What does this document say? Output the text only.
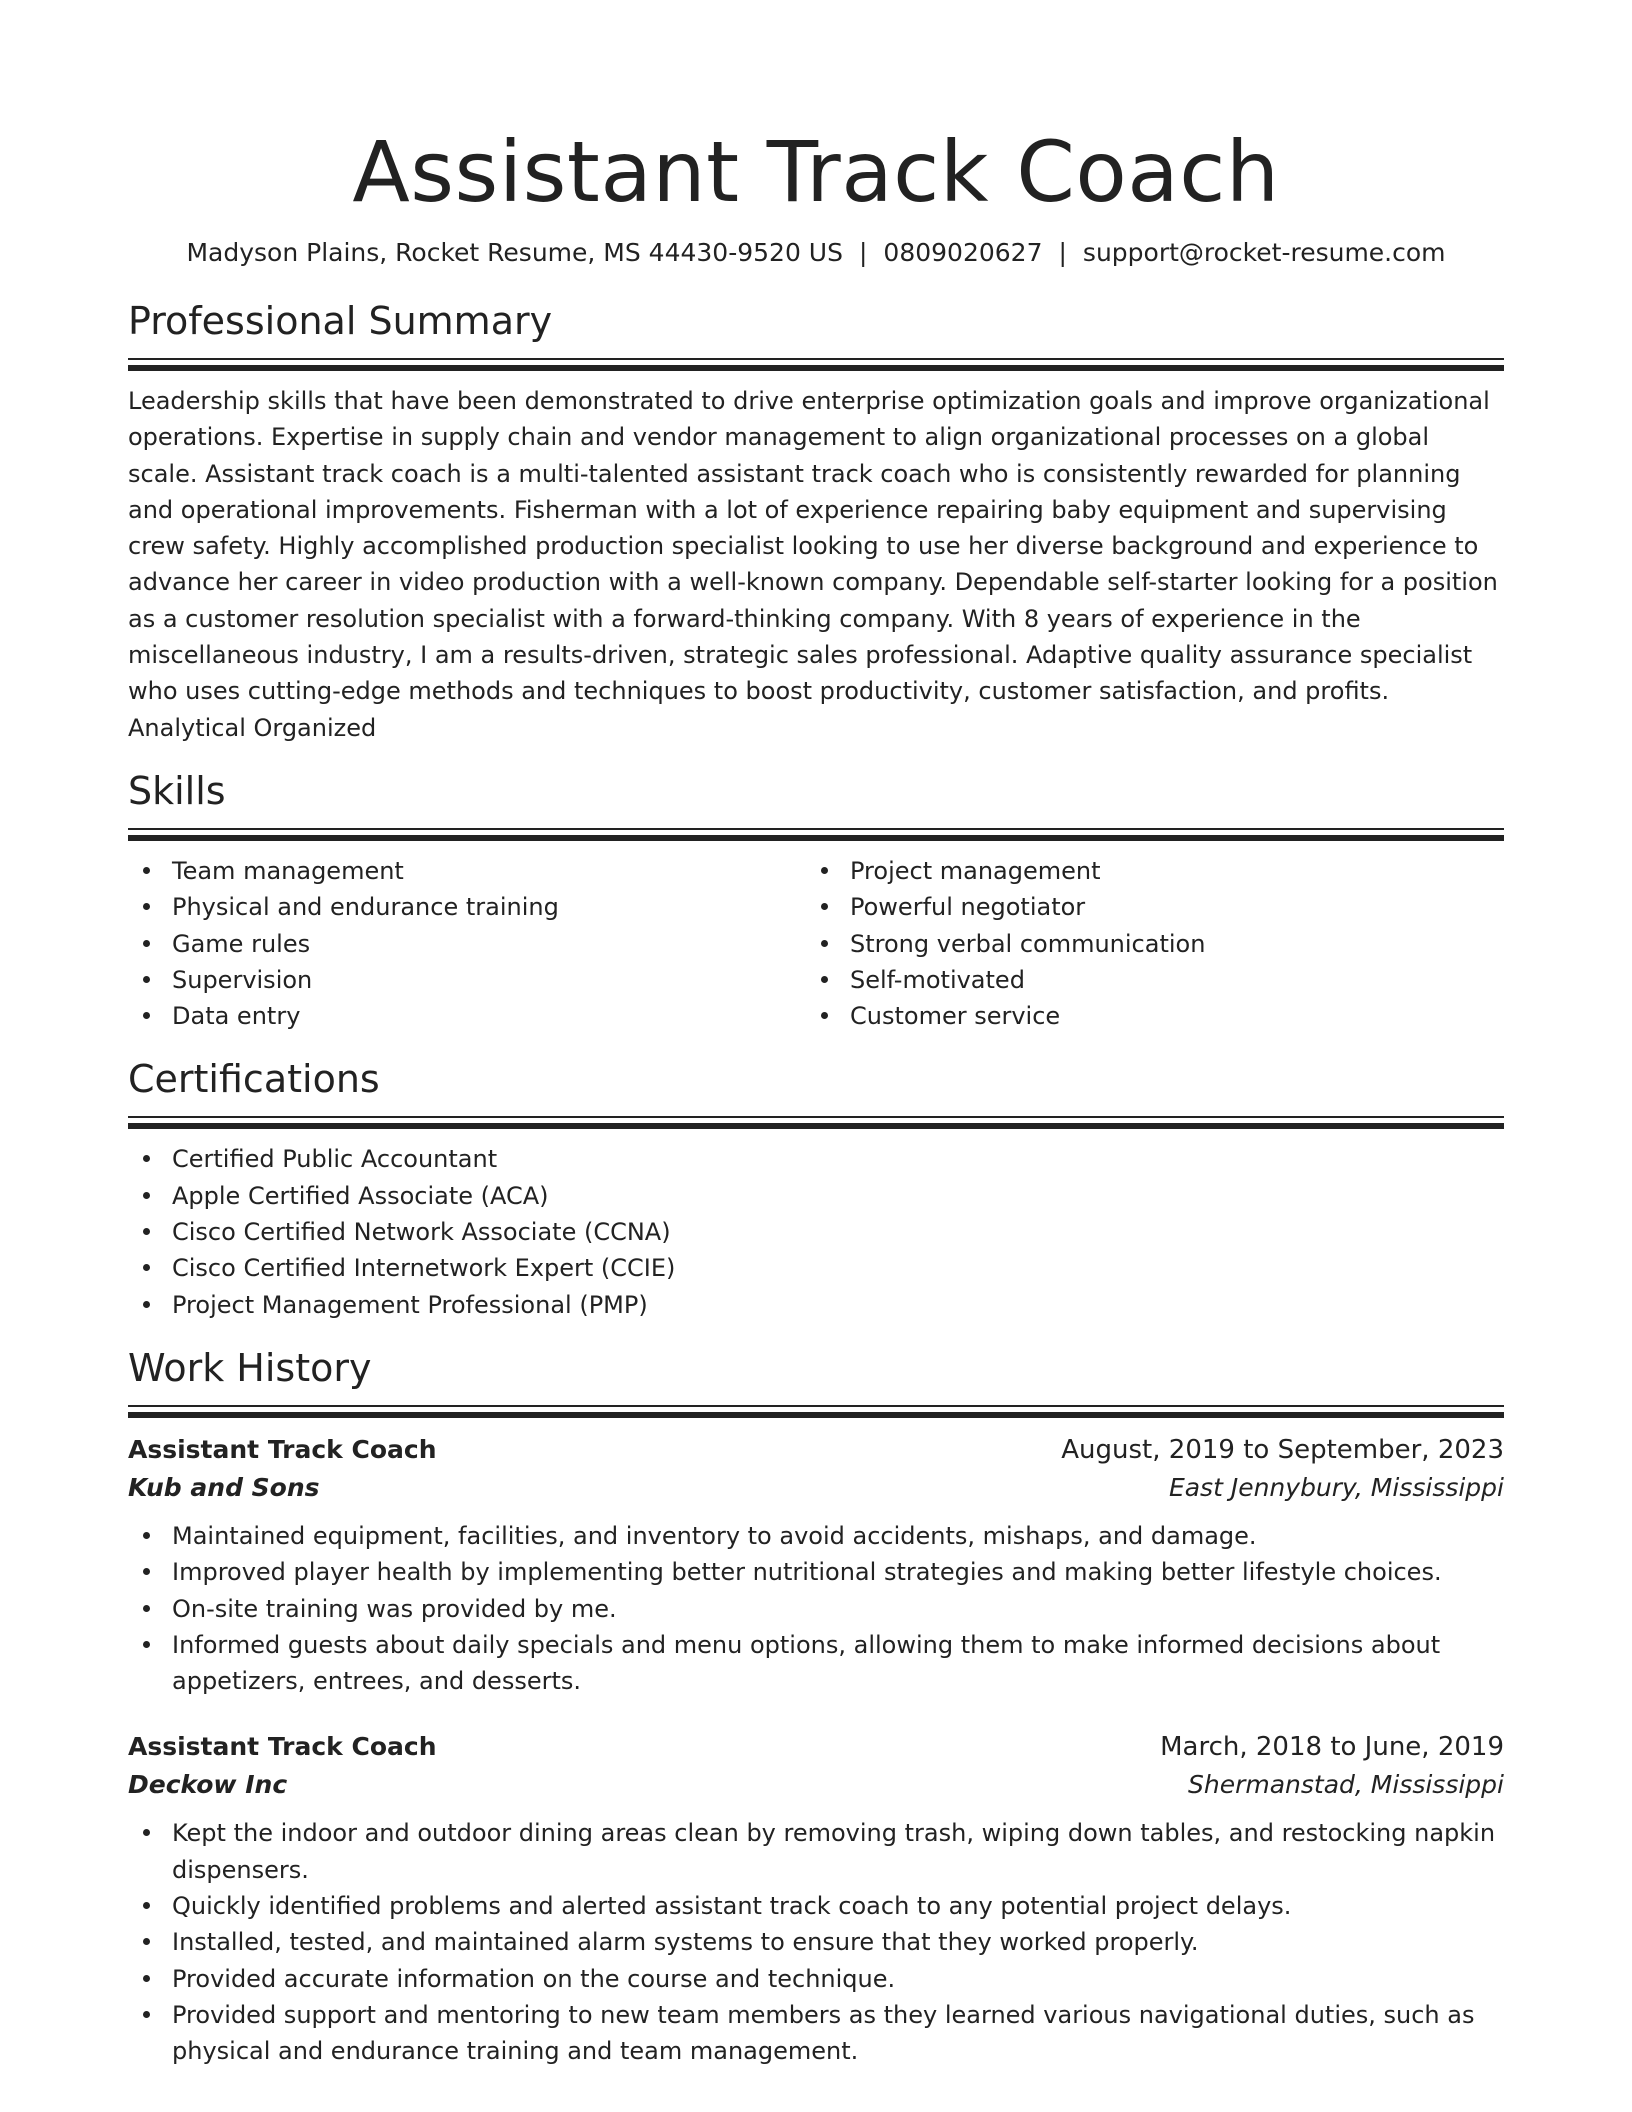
Assistant Track Coach
Madyson Plains, Rocket Resume, MS 44430-9520 US | 0809020627 | support@rocket-resume.com
Professional Summary

Leadership skills that have been demonstrated to drive enterprise optimization goals and improve organizational operations. Expertise in supply chain and vendor management to align organizational processes on a global scale. Assistant track coach is a multi-talented assistant track coach who is consistently rewarded for planning and operational improvements. Fisherman with a lot of experience repairing baby equipment and supervising crew safety. Highly accomplished production specialist looking to use her diverse background and experience to advance her career in video production with a well-known company. Dependable self-starter looking for a position as a customer resolution specialist with a forward-thinking company. With 8 years of experience in the miscellaneous industry, I am a results-driven, strategic sales professional. Adaptive quality assurance specialist who uses cutting-edge methods and techniques to boost productivity, customer satisfaction, and profits. Analytical Organized

Skills
Team management
Physical and endurance training
Game rules
Supervision
Data entry
Project management
Powerful negotiator
Strong verbal communication
Self-motivated
Customer service
Certifications
Certified Public Accountant
Apple Certified Associate (ACA)
Cisco Certified Network Associate (CCNA)
Cisco Certified Internetwork Expert (CCIE)
Project Management Professional (PMP)
Work History
Assistant Track Coach	August, 2019 to September, 2023
Kub and Sons	East Jennybury, Mississippi
Maintained equipment, facilities, and inventory to avoid accidents, mishaps, and damage.
Improved player health by implementing better nutritional strategies and making better lifestyle choices.
On-site training was provided by me.
Informed guests about daily specials and menu options, allowing them to make informed decisions about appetizers, entrees, and desserts.
Assistant Track Coach	March, 2018 to June, 2019
Deckow Inc	Shermanstad, Mississippi
Kept the indoor and outdoor dining areas clean by removing trash, wiping down tables, and restocking napkin dispensers.
Quickly identified problems and alerted assistant track coach to any potential project delays.
Installed, tested, and maintained alarm systems to ensure that they worked properly.
Provided accurate information on the course and technique.
Provided support and mentoring to new team members as they learned various navigational duties, such as physical and endurance training and team management.
